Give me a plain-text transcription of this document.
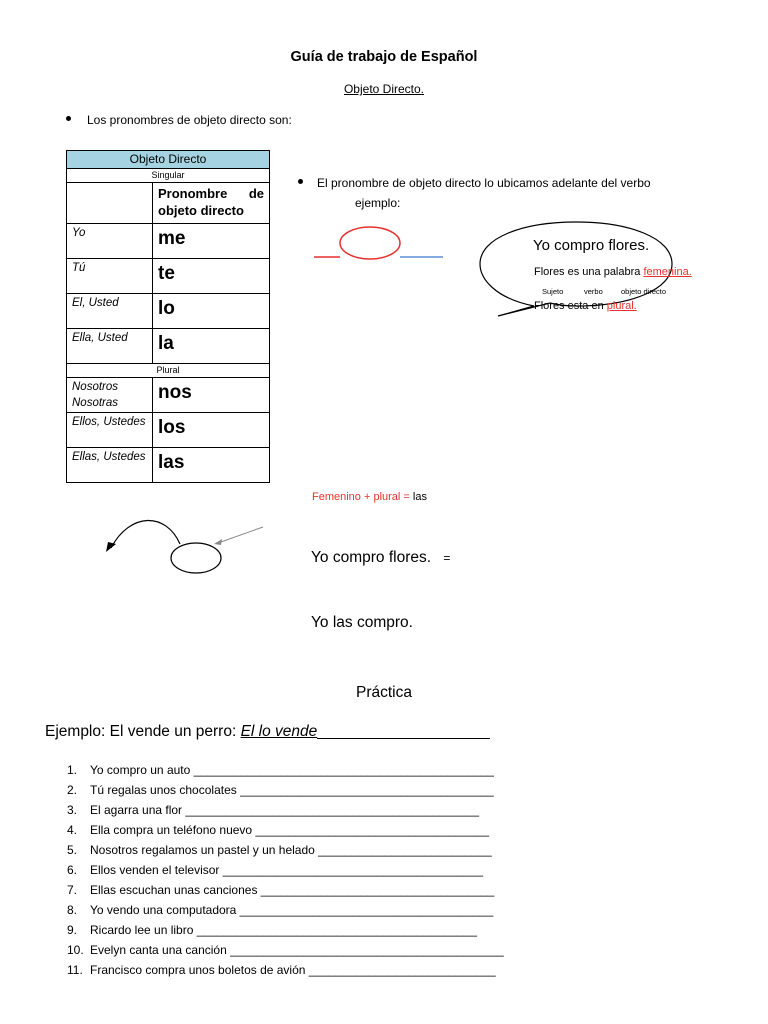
Guía de trabajo de Español
Objeto Directo.
Los pronombres de objeto directo son:
Objeto Directo	
Singular	
	Pronombre de objeto directo
Yo	me
Tú	te
El, Usted	lo
Ella, Usted	la
Plural	
Nosotros Nosotras	nos
Ellos, Ustedes	los
Ellas, Ustedes	las
El pronombre de objeto directo lo ubicamos adelante del verbo
ejemplo:
Yo compro flores.
Flores es una palabra femenina.
Sujeto	verbo objeto directo
Flores esta en plural.
Femenino + plural = las
Yo compro flores. =
Yo las compro.
Práctica
Ejemplo: El vende un perro: El lo vende____________________
1. Yo compro un auto _____________________________________________
2. Tú regalas unos chocolates ______________________________________
3. El agarra una flor ____________________________________________
4. Ella compra un teléfono nuevo ___________________________________
5. Nosotros regalamos un pastel y un helado __________________________
6. Ellos venden el televisor _______________________________________
7. Ellas escuchan unas canciones ___________________________________
8. Yo vendo una computadora ______________________________________
9. Ricardo lee un libro __________________________________________
10. Evelyn canta una canción _________________________________________
11. Francisco compra unos boletos de avión ____________________________
